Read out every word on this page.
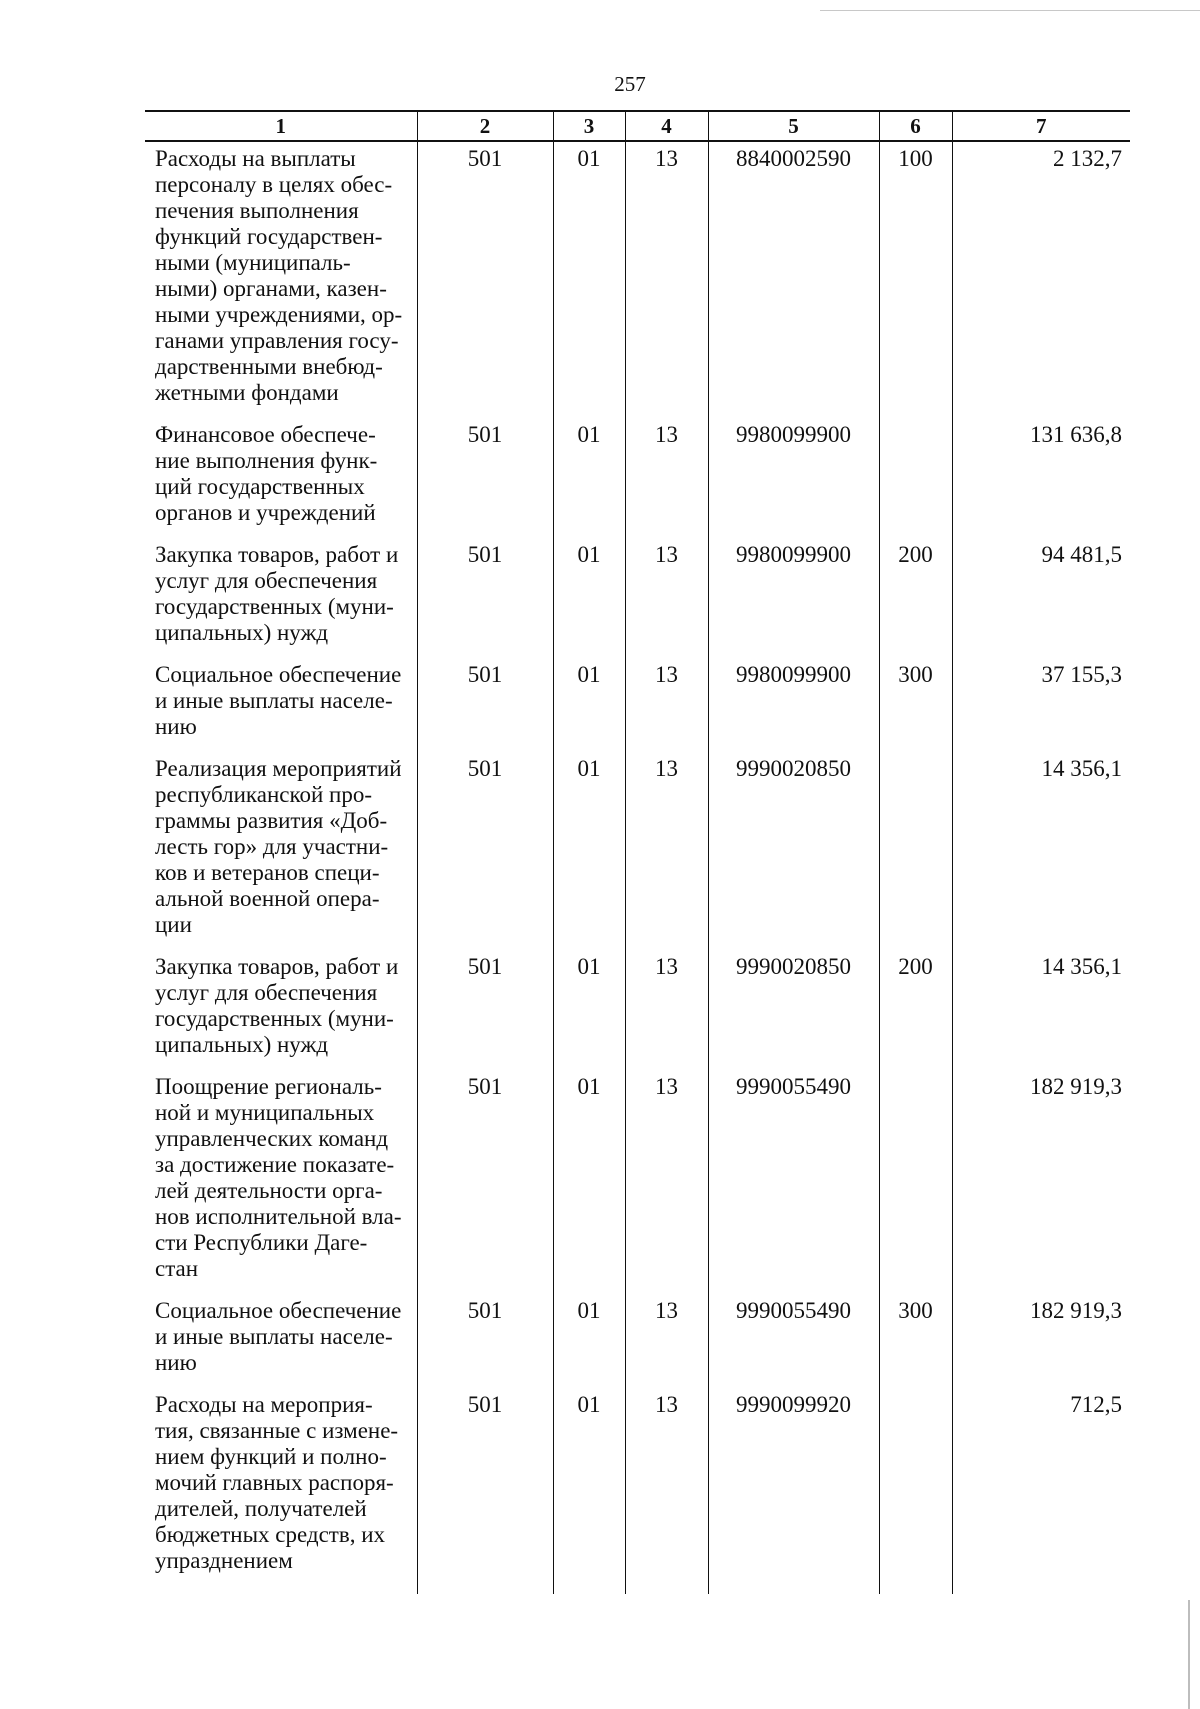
257
1	2	3	4	5	6	7
Расходы на выплаты персоналу в целях обес-печения выполнения функций государствен-ными (муниципаль-ными) органами, казен-ными учреждениями, ор-ганами управления госу-дарственными внебюд-жетными фондами	501	01	13	8840002590	100	2 132,7
Финансовое обеспече-ние выполнения функ-ций государственных органов и учреждений	501	01	13	9980099900		131 636,8
Закупка товаров, работ и услуг для обеспечения государственных (муни-ципальных) нужд	501	01	13	9980099900	200	94 481,5
Социальное обеспечение и иные выплаты населе-нию	501	01	13	9980099900	300	37 155,3
Реализация мероприятий республиканской про-граммы развития «Доб-лесть гор» для участни-ков и ветеранов специ-альной военной опера-ции	501	01	13	9990020850		14 356,1
Закупка товаров, работ и услуг для обеспечения государственных (муни-ципальных) нужд	501	01	13	9990020850	200	14 356,1
Поощрение региональ-ной и муниципальных управленческих команд за достижение показате-лей деятельности орга-нов исполнительной вла-сти Республики Даге-стан	501	01	13	9990055490		182 919,3
Социальное обеспечение и иные выплаты населе-нию	501	01	13	9990055490	300	182 919,3
Расходы на мероприя-тия, связанные с измене-нием функций и полно-мочий главных распоря-дителей, получателей бюджетных средств, их упразднением	501	01	13	9990099920		712,5
